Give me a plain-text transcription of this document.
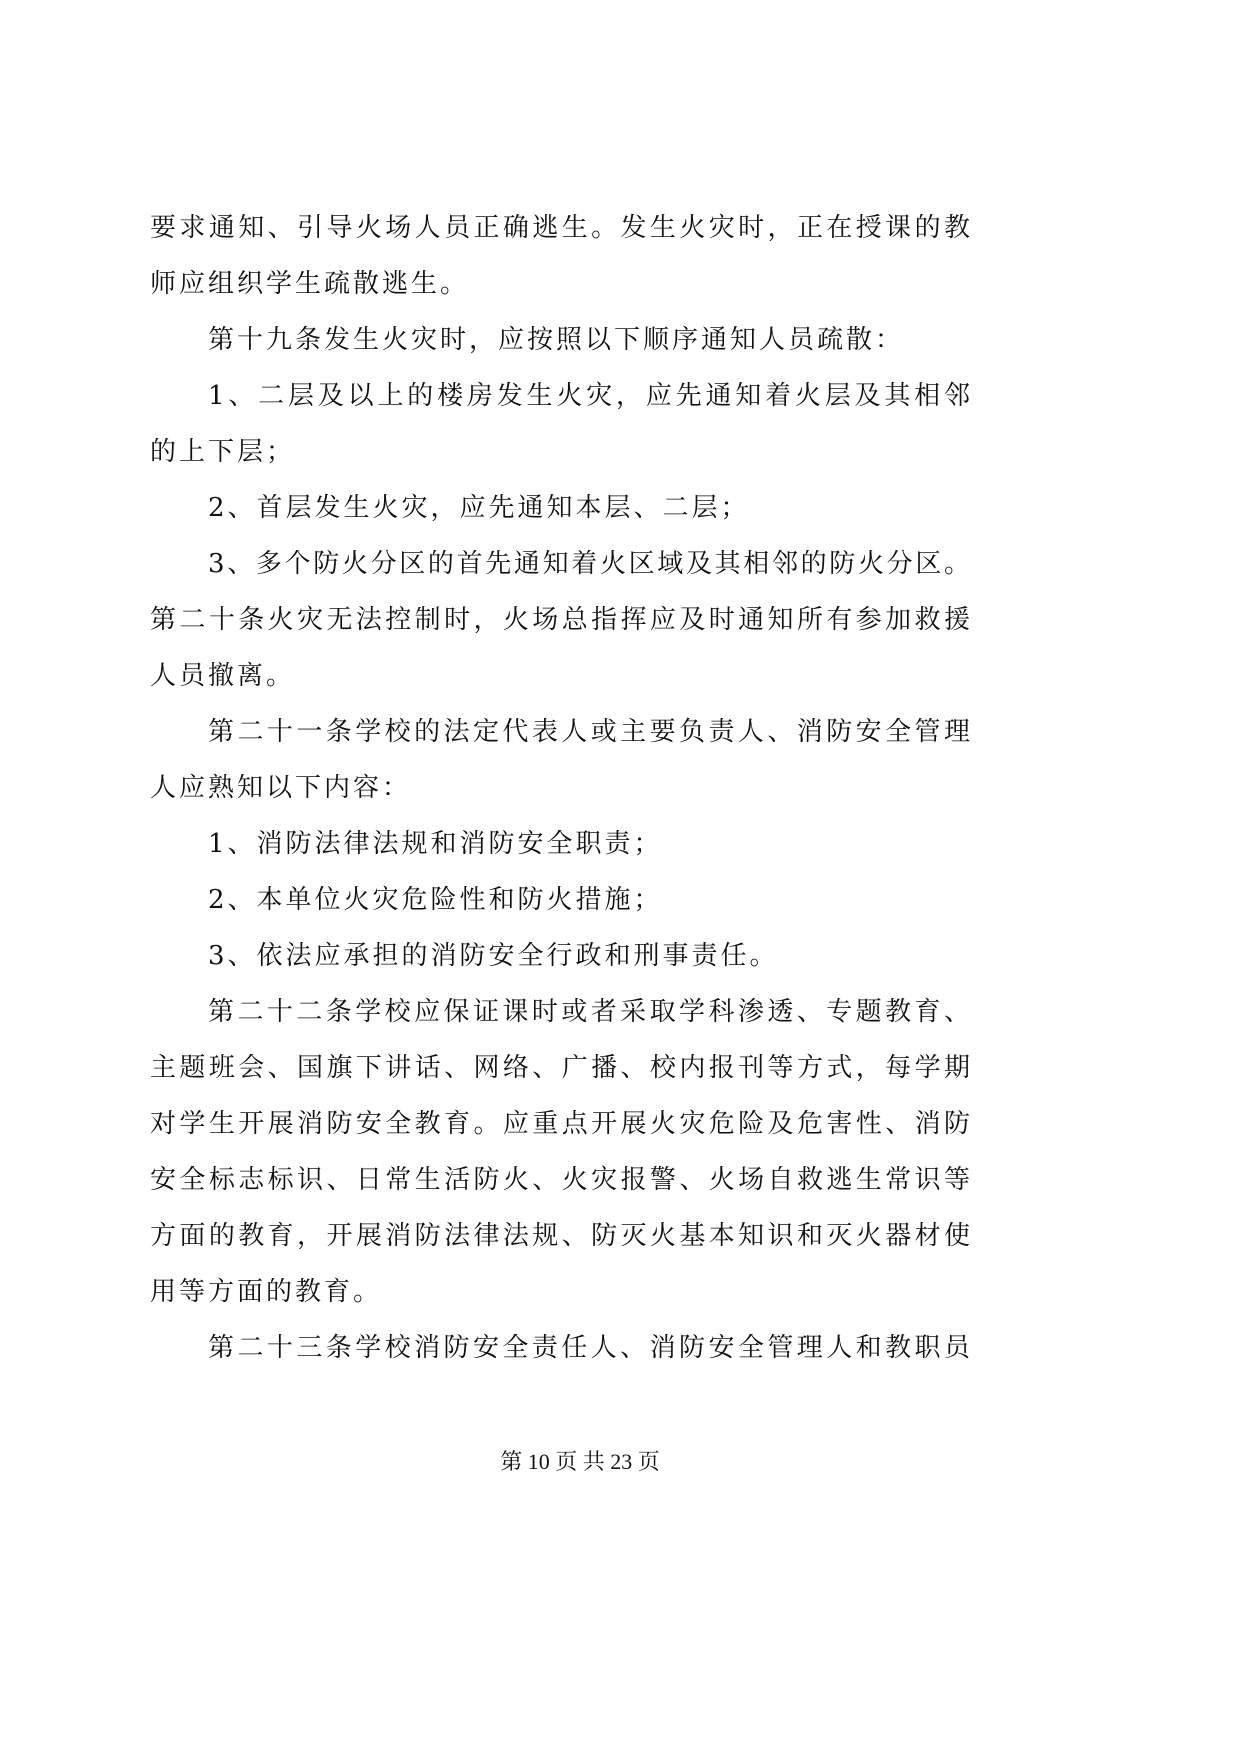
要求通知、引导火场人员正确逃生。发生火灾时，正在授课的教
师应组织学生疏散逃生。
第十九条发生火灾时，应按照以下顺序通知人员疏散：
1、二层及以上的楼房发生火灾，应先通知着火层及其相邻
的上下层；
2、首层发生火灾，应先通知本层、二层；
3、多个防火分区的首先通知着火区域及其相邻的防火分区。
第二十条火灾无法控制时，火场总指挥应及时通知所有参加救援
人员撤离。
第二十一条学校的法定代表人或主要负责人、消防安全管理
人应熟知以下内容：
1、消防法律法规和消防安全职责；
2、本单位火灾危险性和防火措施；
3、依法应承担的消防安全行政和刑事责任。
第二十二条学校应保证课时或者采取学科渗透、专题教育、
主题班会、国旗下讲话、网络、广播、校内报刊等方式，每学期
对学生开展消防安全教育。应重点开展火灾危险及危害性、消防
安全标志标识、日常生活防火、火灾报警、火场自救逃生常识等
方面的教育，开展消防法律法规、防灭火基本知识和灭火器材使
用等方面的教育。
第二十三条学校消防安全责任人、消防安全管理人和教职员
第 10 页 共 23 页
